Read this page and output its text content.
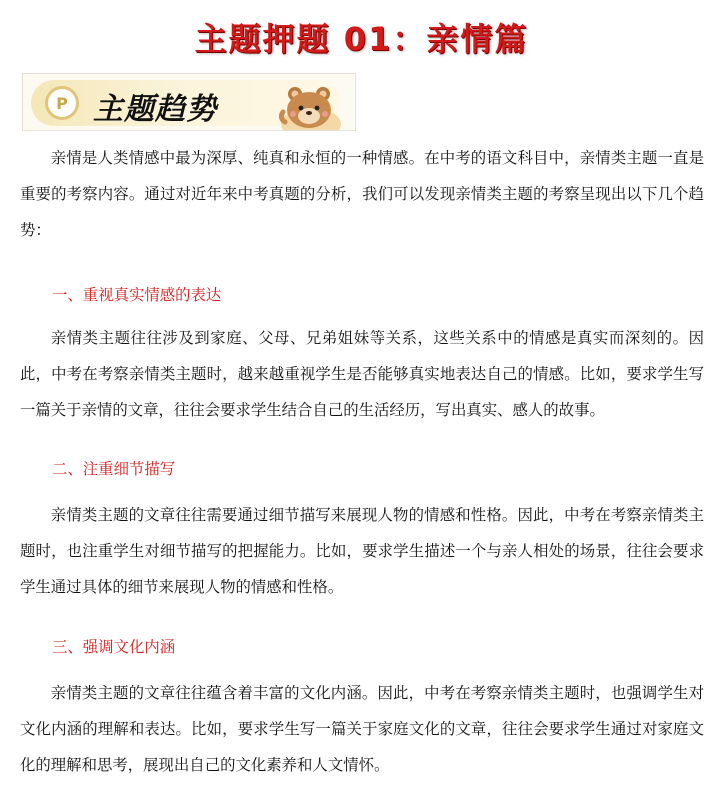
主题押题 01：亲情篇
P 主题趋势

亲情是人类情感中最为深厚、纯真和永恒的一种情感。在中考的语文科目中，亲情类主题一直是重要的考察内容。通过对近年来中考真题的分析，我们可以发现亲情类主题的考察呈现出以下几个趋势：

一、重视真实情感的表达

亲情类主题往往涉及到家庭、父母、兄弟姐妹等关系，这些关系中的情感是真实而深刻的。因此，中考在考察亲情类主题时，越来越重视学生是否能够真实地表达自己的情感。比如，要求学生写一篇关于亲情的文章，往往会要求学生结合自己的生活经历，写出真实、感人的故事。

二、注重细节描写

亲情类主题的文章往往需要通过细节描写来展现人物的情感和性格。因此，中考在考察亲情类主题时，也注重学生对细节描写的把握能力。比如，要求学生描述一个与亲人相处的场景，往往会要求学生通过具体的细节来展现人物的情感和性格。

三、强调文化内涵

亲情类主题的文章往往蕴含着丰富的文化内涵。因此，中考在考察亲情类主题时，也强调学生对文化内涵的理解和表达。比如，要求学生写一篇关于家庭文化的文章，往往会要求学生通过对家庭文化的理解和思考，展现出自己的文化素养和人文情怀。
